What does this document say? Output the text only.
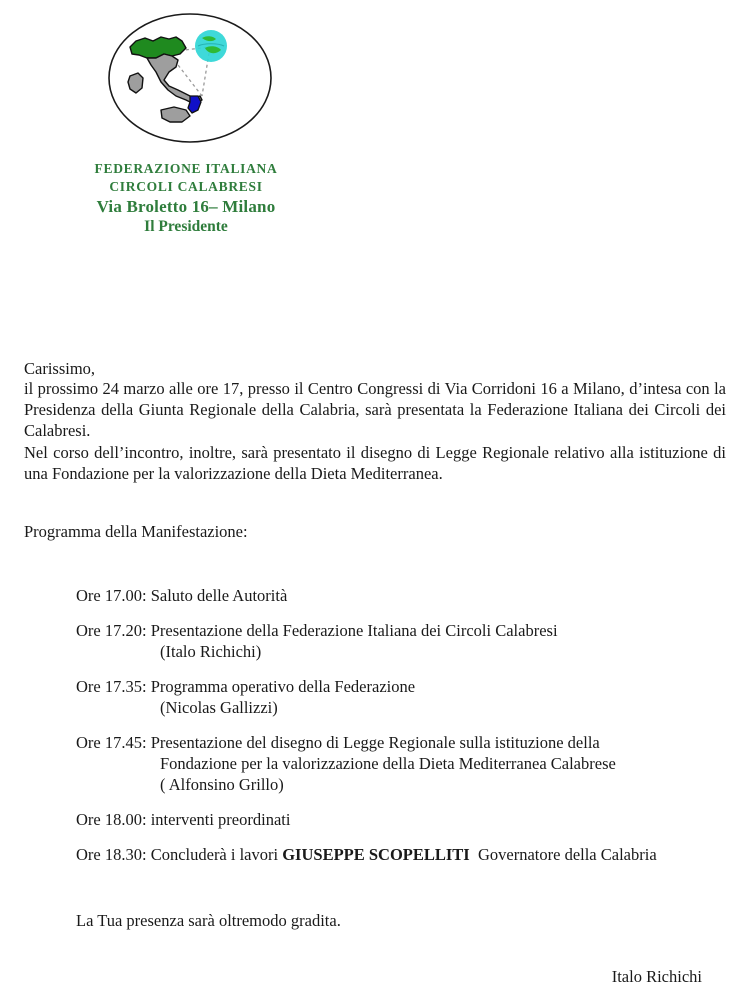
FEDERAZIONE ITALIANA
CIRCOLI CALABRESI
Via Broletto 16– Milano
Il Presidente
Carissimo,
il prossimo 24 marzo alle ore 17, presso il Centro Congressi di Via Corridoni 16 a Milano, d’intesa con la Presidenza della Giunta Regionale della Calabria, sarà presentata la Federazione Italiana dei Circoli dei Calabresi.
Nel corso dell’incontro, inoltre, sarà presentato il disegno di Legge Regionale relativo alla istituzione di una Fondazione per la valorizzazione della Dieta Mediterranea.
Programma della Manifestazione:
Ore 17.00: Saluto delle Autorità
Ore 17.20: Presentazione della Federazione Italiana dei Circoli Calabresi
(Italo Richichi)
Ore 17.35: Programma operativo della Federazione
(Nicolas Gallizzi)
Ore 17.45: Presentazione del disegno di Legge Regionale sulla istituzione della
Fondazione per la valorizzazione della Dieta Mediterranea Calabrese
( Alfonsino Grillo)
Ore 18.00: interventi preordinati
Ore 18.30: Concluderà i lavori GIUSEPPE SCOPELLITI  Governatore della Calabria
La Tua presenza sarà oltremodo gradita.
Italo Richichi
